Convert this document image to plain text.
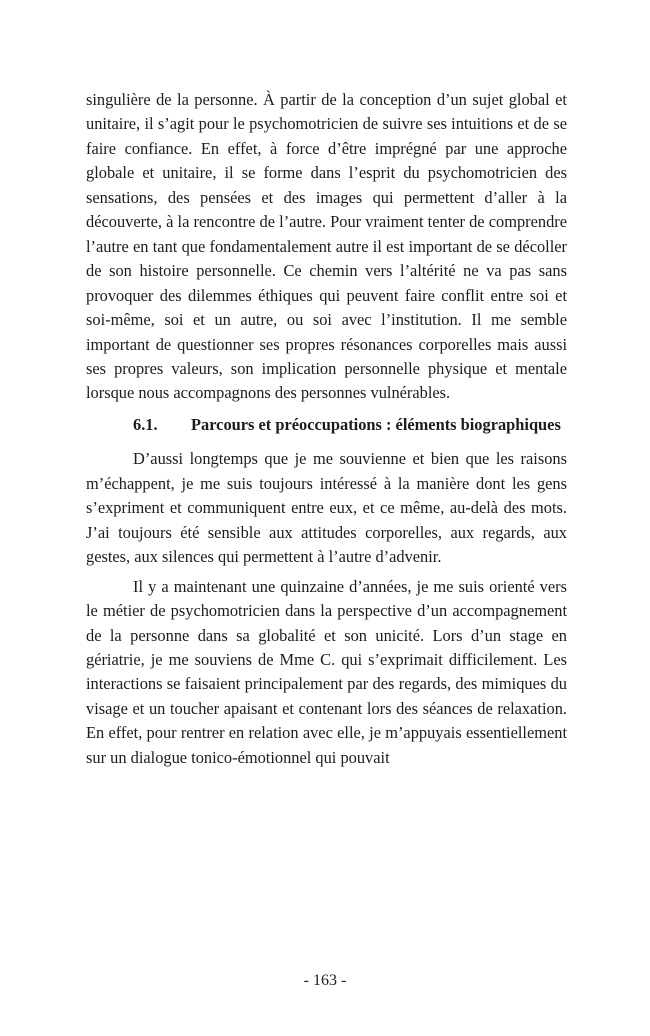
singulière de la personne. À partir de la conception d’un sujet global et unitaire, il s’agit pour le psychomotricien de suivre ses intuitions et de se faire confiance. En effet, à force d’être imprégné par une approche globale et unitaire, il se forme dans l’esprit du psychomotricien des sensations, des pensées et des images qui permettent d’aller à la découverte, à la rencontre de l’autre. Pour vraiment tenter de comprendre l’autre en tant que fondamentalement autre il est important de se décoller de son histoire personnelle. Ce chemin vers l’altérité ne va pas sans provoquer des dilemmes éthiques qui peuvent faire conflit entre soi et soi-même, soi et un autre, ou soi avec l’institution. Il me semble important de questionner ses propres résonances corporelles mais aussi ses propres valeurs, son implication personnelle physique et mentale lorsque nous accompagnons des personnes vulnérables.

6.1. Parcours et préoccupations : éléments biographiques

D’aussi longtemps que je me souvienne et bien que les raisons m’échappent, je me suis toujours intéressé à la manière dont les gens s’expriment et communiquent entre eux, et ce même, au-delà des mots. J’ai toujours été sensible aux attitudes corporelles, aux regards, aux gestes, aux silences qui permettent à l’autre d’advenir.

Il y a maintenant une quinzaine d’années, je me suis orienté vers le métier de psychomotricien dans la perspective d’un accompagnement de la personne dans sa globalité et son unicité. Lors d’un stage en gériatrie, je me souviens de Mme C. qui s’exprimait difficilement. Les interactions se faisaient principalement par des regards, des mimiques du visage et un toucher apaisant et contenant lors des séances de relaxation. En effet, pour rentrer en relation avec elle, je m’appuyais essentiellement sur un dialogue tonico-émotionnel qui pouvait

- 163 -
